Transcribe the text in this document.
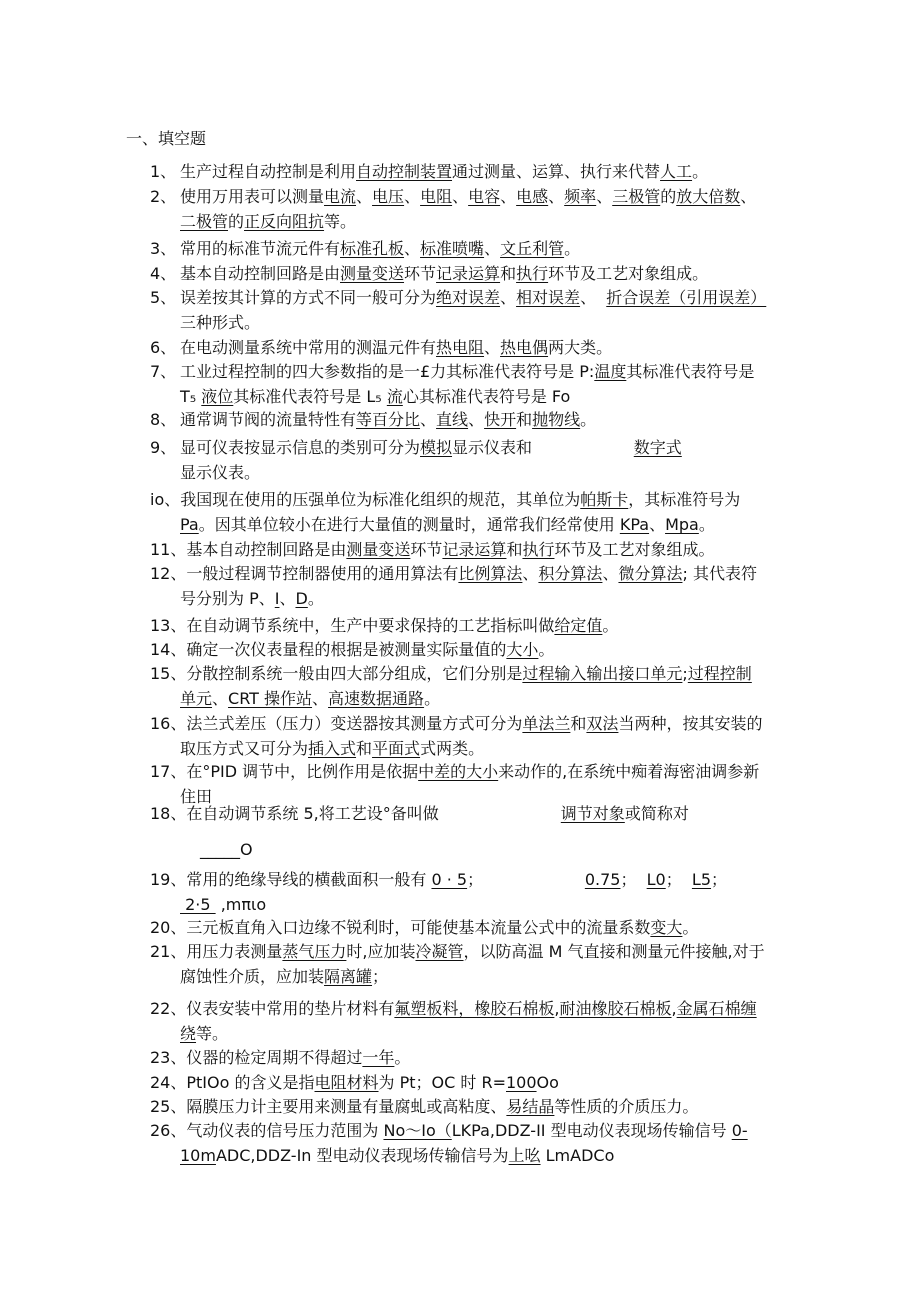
一、填空题
1、 生产过程自动控制是利用自动控制装置通过测量、运算、执行来代替人工。
2、 使用万用表可以测量电流、电压、电阻、电容、电感、频率、三极管的放大倍数、
二极管的正反向阻抗等。
3、 常用的标准节流元件有标准孔板、标准喷嘴、文丘利管。
4、 基本自动控制回路是由测量变送环节记录运算和执行环节及工艺对象组成。
5、 误差按其计算的方式不同一般可分为绝对误差、相对误差、  折合误差（引用误差）
三种形式。
6、 在电动测量系统中常用的测温元件有热电阻、热电偶两大类。
7、 工业过程控制的四大参数指的是一£力其标准代表符号是 P:温度其标准代表符号是
T₅ 液位其标准代表符号是 L₅ 流心其标准代表符号是 Fo
8、 通常调节阀的流量特性有等百分比、直线、快开和抛物线。
9、 显可仪表按显示信息的类别可分为模拟显示仪表和	数字式
显示仪表。
io、我国现在使用的压强单位为标准化组织的规范，其单位为帕斯卡，其标准符号为
Pa。因其单位较小在进行大量值的测量时，通常我们经常使用 KPa、Mpa。
11、基本自动控制回路是由测量变送环节记录运算和执行环节及工艺对象组成。
12、一般过程调节控制器使用的通用算法有比例算法、积分算法、微分算法; 其代表符
号分别为 P、I、D。
13、在自动调节系统中，生产中要求保持的工艺指标叫做给定值。
14、确定一次仪表量程的根据是被测量实际量值的大小。
15、分散控制系统一般由四大部分组成，它们分别是过程输入输出接口单元;过程控制
单元、CRT 操作站、高速数据通路。
16、法兰式差压（压力）变送器按其测量方式可分为单法兰和双法当两种，按其安装的
取压方式又可分为插入式和平面式式两类。
17、在°PID 调节中，比例作用是依据中差的大小来动作的,在系统中痴着海密油调参新
住田
18、在自动调节系统 5,将工艺设°备叫做	调节对象或简称对
_____O
19、常用的绝缘导线的横截面积一般有 0 · 5；                    0.75；  L0；  L5；
2·5  ,mπιo
20、三元板直角入口边缘不锐利时，可能使基本流量公式中的流量系数变大。
21、用压力表测量蒸气压力时,应加装冷凝管，以防高温 M 气直接和测量元件接触,对于
腐蚀性介质，应加装隔离罐；
22、仪表安装中常用的垫片材料有氟塑板料，橡胶石棉板,耐油橡胶石棉板,金属石棉缠
绕等。
23、仪器的检定周期不得超过一年。
24、PtIOo 的含义是指电阻材料为 Pt；OC 时 R=100Oo
25、隔膜压力计主要用来测量有量腐虬或高粘度、易结晶等性质的介质压力。
26、气动仪表的信号压力范围为 No～Io（LKPa,DDZ-II 型电动仪表现场传输信号 0-
10mADC,DDZ-In 型电动仪表现场传输信号为上吆 LmADCo
